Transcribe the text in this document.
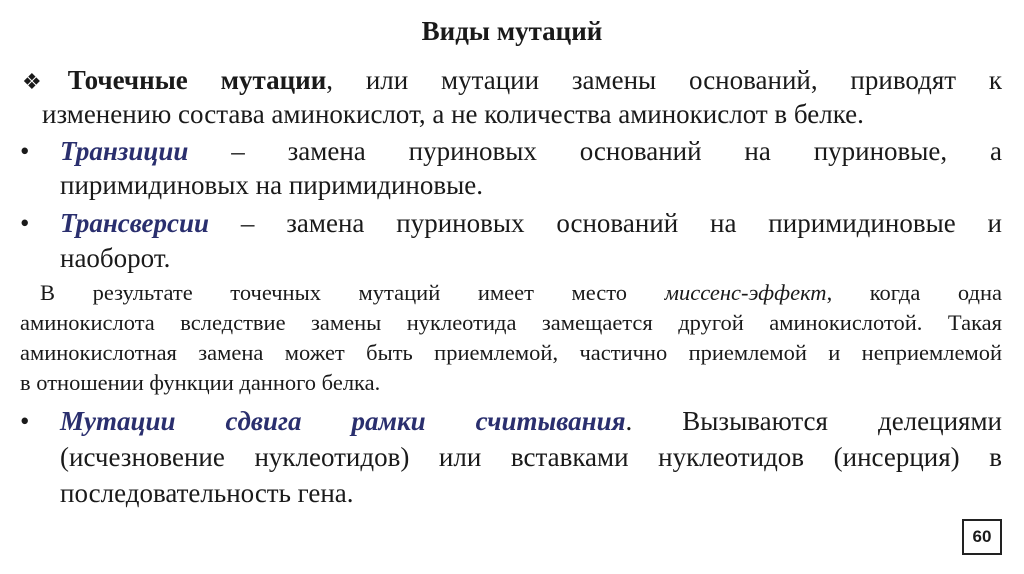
Виды мутаций
❖Точечные мутации, или мутации замены оснований, приводят к
изменению состава аминокислот, а не количества аминокислот в белке.
• Транзиции – замена пуриновых оснований на пуриновые, а
пиримидиновых на пиримидиновые.
• Трансверсии – замена пуриновых оснований на пиримидиновые и
наоборот.
В результате точечных мутаций имеет место миссенс-эффект, когда одна
аминокислота вследствие замены нуклеотида замещается другой аминокислотой. Такая
аминокислотная замена может быть приемлемой, частично приемлемой и неприемлемой
в отношении функции данного белка.
• Мутации сдвига рамки считывания. Вызываются делециями
(исчезновение нуклеотидов) или вставками нуклеотидов (инсерция) в
последовательность гена.
60
